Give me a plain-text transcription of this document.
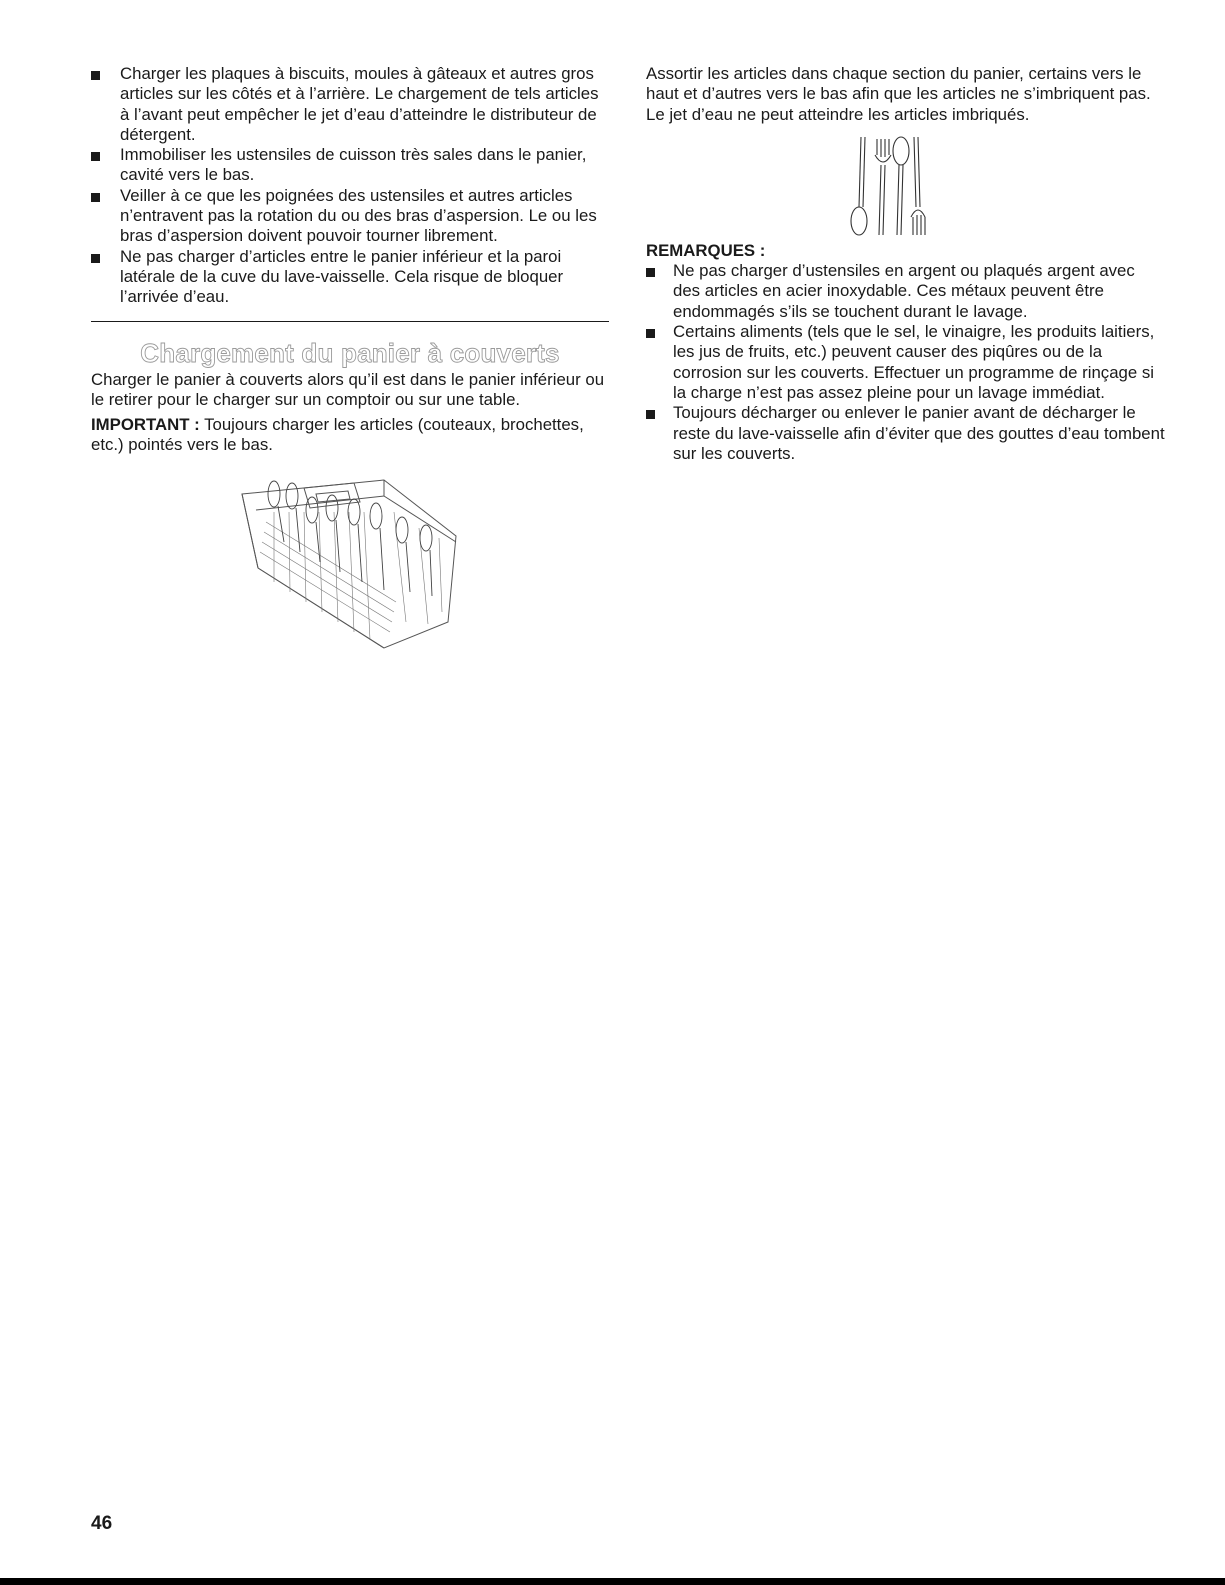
Charger les plaques à biscuits, moules à gâteaux et autres gros articles sur les côtés et à l’arrière. Le chargement de tels articles à l’avant peut empêcher le jet d’eau d’atteindre le distributeur de détergent.
Immobiliser les ustensiles de cuisson très sales dans le panier, cavité vers le bas.
Veiller à ce que les poignées des ustensiles et autres articles n’entravent pas la rotation du ou des bras d’aspersion. Le ou les bras d’aspersion doivent pouvoir tourner librement.
Ne pas charger d’articles entre le panier inférieur et la paroi latérale de la cuve du lave-vaisselle. Cela risque de bloquer l’arrivée d’eau.
Chargement du panier à couverts

Charger le panier à couverts alors qu’il est dans le panier inférieur ou le retirer pour le charger sur un comptoir ou sur une table.

IMPORTANT : Toujours charger les articles (couteaux, brochettes, etc.) pointés vers le bas.

Assortir les articles dans chaque section du panier, certains vers le haut et d’autres vers le bas afin que les articles ne s’imbriquent pas. Le jet d’eau ne peut atteindre les articles imbriqués.

REMARQUES :

Ne pas charger d’ustensiles en argent ou plaqués argent avec des articles en acier inoxydable. Ces métaux peuvent être endommagés s’ils se touchent durant le lavage.
Certains aliments (tels que le sel, le vinaigre, les produits laitiers, les jus de fruits, etc.) peuvent causer des piqûres ou de la corrosion sur les couverts. Effectuer un programme de rinçage si la charge n’est pas assez pleine pour un lavage immédiat.
Toujours décharger ou enlever le panier avant de décharger le reste du lave-vaisselle afin d’éviter que des gouttes d’eau tombent sur les couverts.
46
